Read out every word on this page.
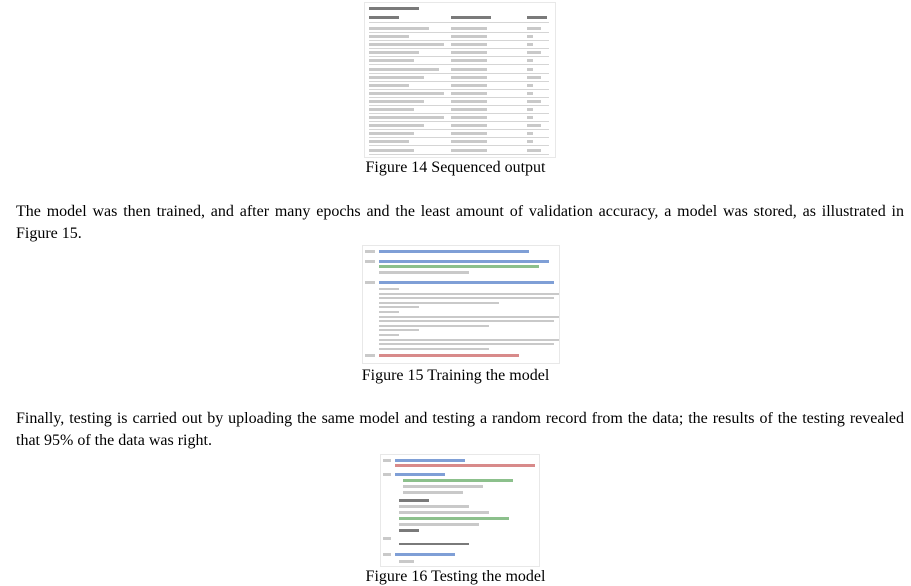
Figure 14 Sequenced output

The model was then trained, and after many epochs and the least amount of validation accuracy, a model was stored, as illustrated in Figure 15.

Figure 15 Training the model

Finally, testing is carried out by uploading the same model and testing a random record from the data; the results of the testing revealed that 95% of the data was right.

Figure 16 Testing the model
